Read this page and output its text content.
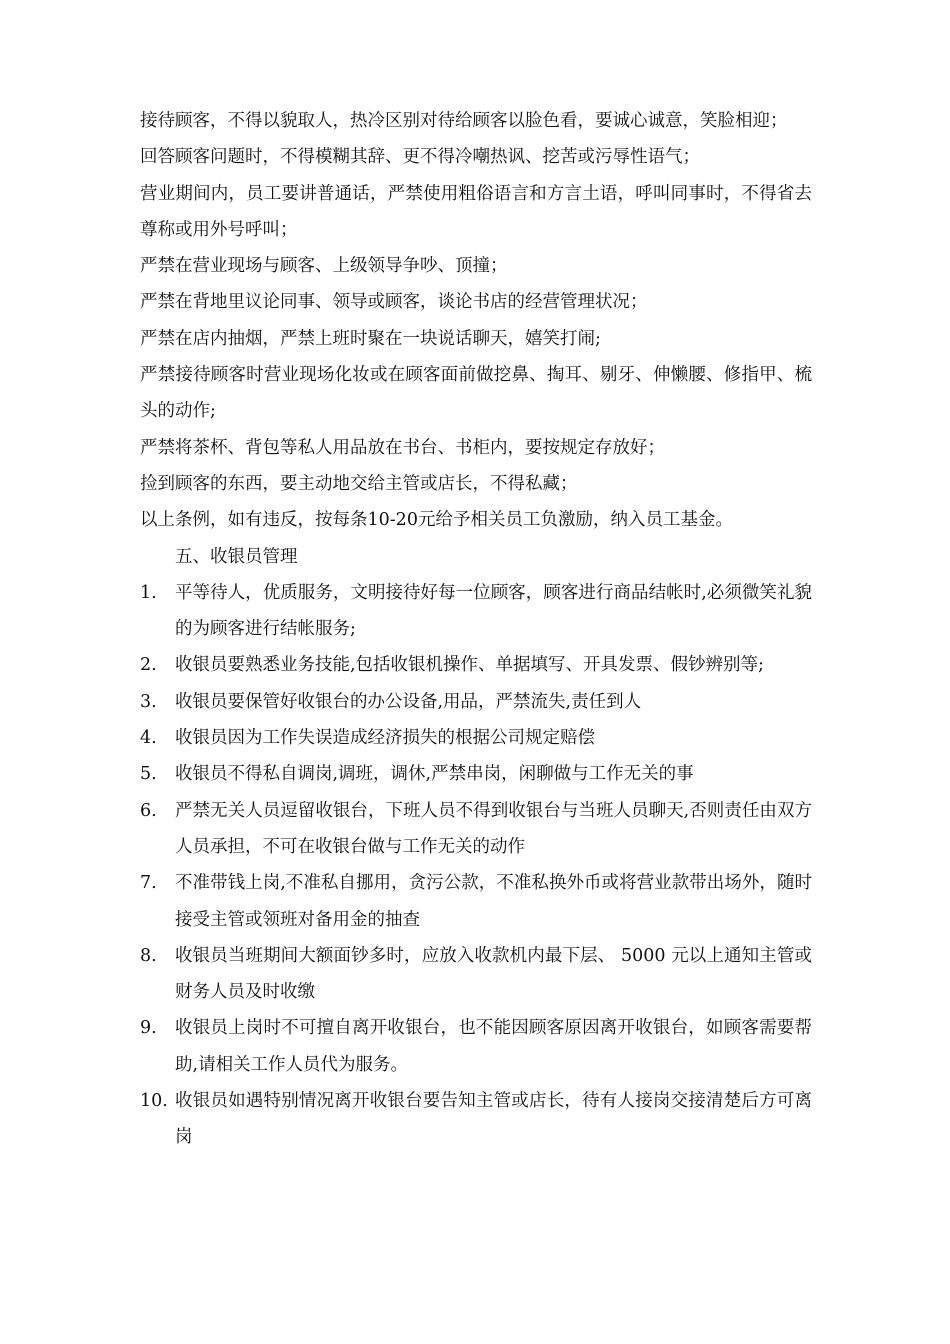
接待顾客，不得以貌取人，热冷区别对待给顾客以脸色看，要诚心诚意，笑脸相迎；

回答顾客问题时，不得模糊其辞、更不得冷嘲热讽、挖苦或污辱性语气；

营业期间内，员工要讲普通话，严禁使用粗俗语言和方言土语，呼叫同事时，不得省去尊称或用外号呼叫；

严禁在营业现场与顾客、上级领导争吵、顶撞；

严禁在背地里议论同事、领导或顾客，谈论书店的经营管理状况；

严禁在店内抽烟，严禁上班时聚在一块说话聊天，嬉笑打闹;

严禁接待顾客时营业现场化妆或在顾客面前做挖鼻、掏耳、剔牙、伸懒腰、修指甲、梳头的动作;

严禁将茶杯、背包等私人用品放在书台、书柜内，要按规定存放好；

捡到顾客的东西，要主动地交给主管或店长，不得私藏；

以上条例，如有违反，按每条10-20元给予相关员工负激励，纳入员工基金。

五、收银员管理

1. 平等待人，优质服务，文明接待好每一位顾客，顾客进行商品结帐时,必须微笑礼貌的为顾客进行结帐服务;
2. 收银员要熟悉业务技能,包括收银机操作、单据填写、开具发票、假钞辨别等;
3. 收银员要保管好收银台的办公设备,用品，严禁流失,责任到人
4. 收银员因为工作失误造成经济损失的根据公司规定赔偿
5. 收银员不得私自调岗,调班，调休,严禁串岗，闲聊做与工作无关的事
6. 严禁无关人员逗留收银台，下班人员不得到收银台与当班人员聊天,否则责任由双方人员承担，不可在收银台做与工作无关的动作
7. 不准带钱上岗,不准私自挪用，贪污公款，不准私换外币或将营业款带出场外，随时接受主管或领班对备用金的抽查
8. 收银员当班期间大额面钞多时，应放入收款机内最下层、 5000 元以上通知主管或财务人员及时收缴
9. 收银员上岗时不可擅自离开收银台，也不能因顾客原因离开收银台，如顾客需要帮助,请相关工作人员代为服务。
10. 收银员如遇特别情况离开收银台要告知主管或店长，待有人接岗交接清楚后方可离岗
